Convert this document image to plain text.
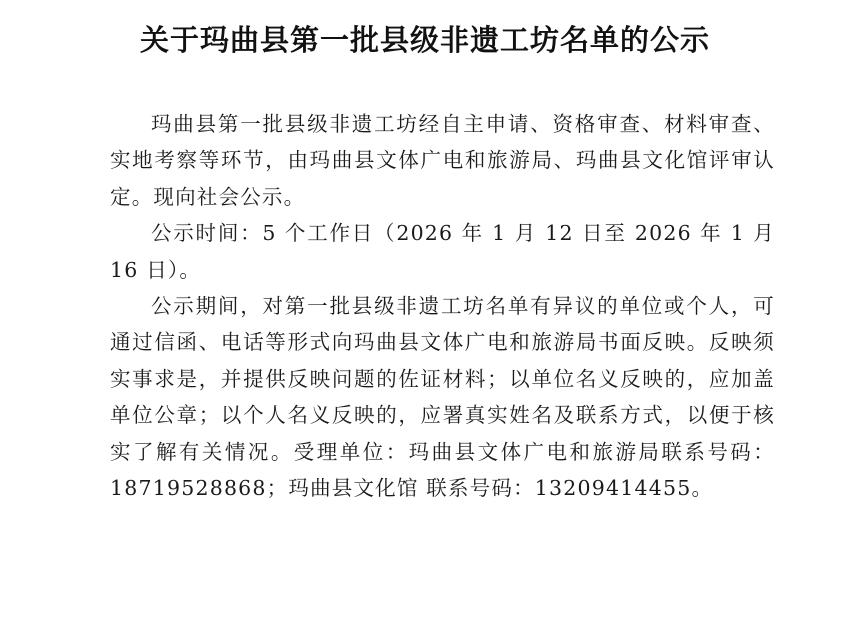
关于玛曲县第一批县级非遗工坊名单的公示

玛曲县第一批县级非遗工坊经自主申请、资格审查、材料审查、实地考察等环节，由玛曲县文体广电和旅游局、玛曲县文化馆评审认定。现向社会公示。

公示时间：5 个工作日（2026 年 1 月 12 日至 2026 年 1 月 16 日）。

公示期间，对第一批县级非遗工坊名单有异议的单位或个人，可通过信函、电话等形式向玛曲县文体广电和旅游局书面反映。反映须实事求是，并提供反映问题的佐证材料；以单位名义反映的，应加盖单位公章；以个人名义反映的，应署真实姓名及联系方式，以便于核实了解有关情况。受理单位：玛曲县文体广电和旅游局联系号码：18719528868；玛曲县文化馆 联系号码：13209414455。
